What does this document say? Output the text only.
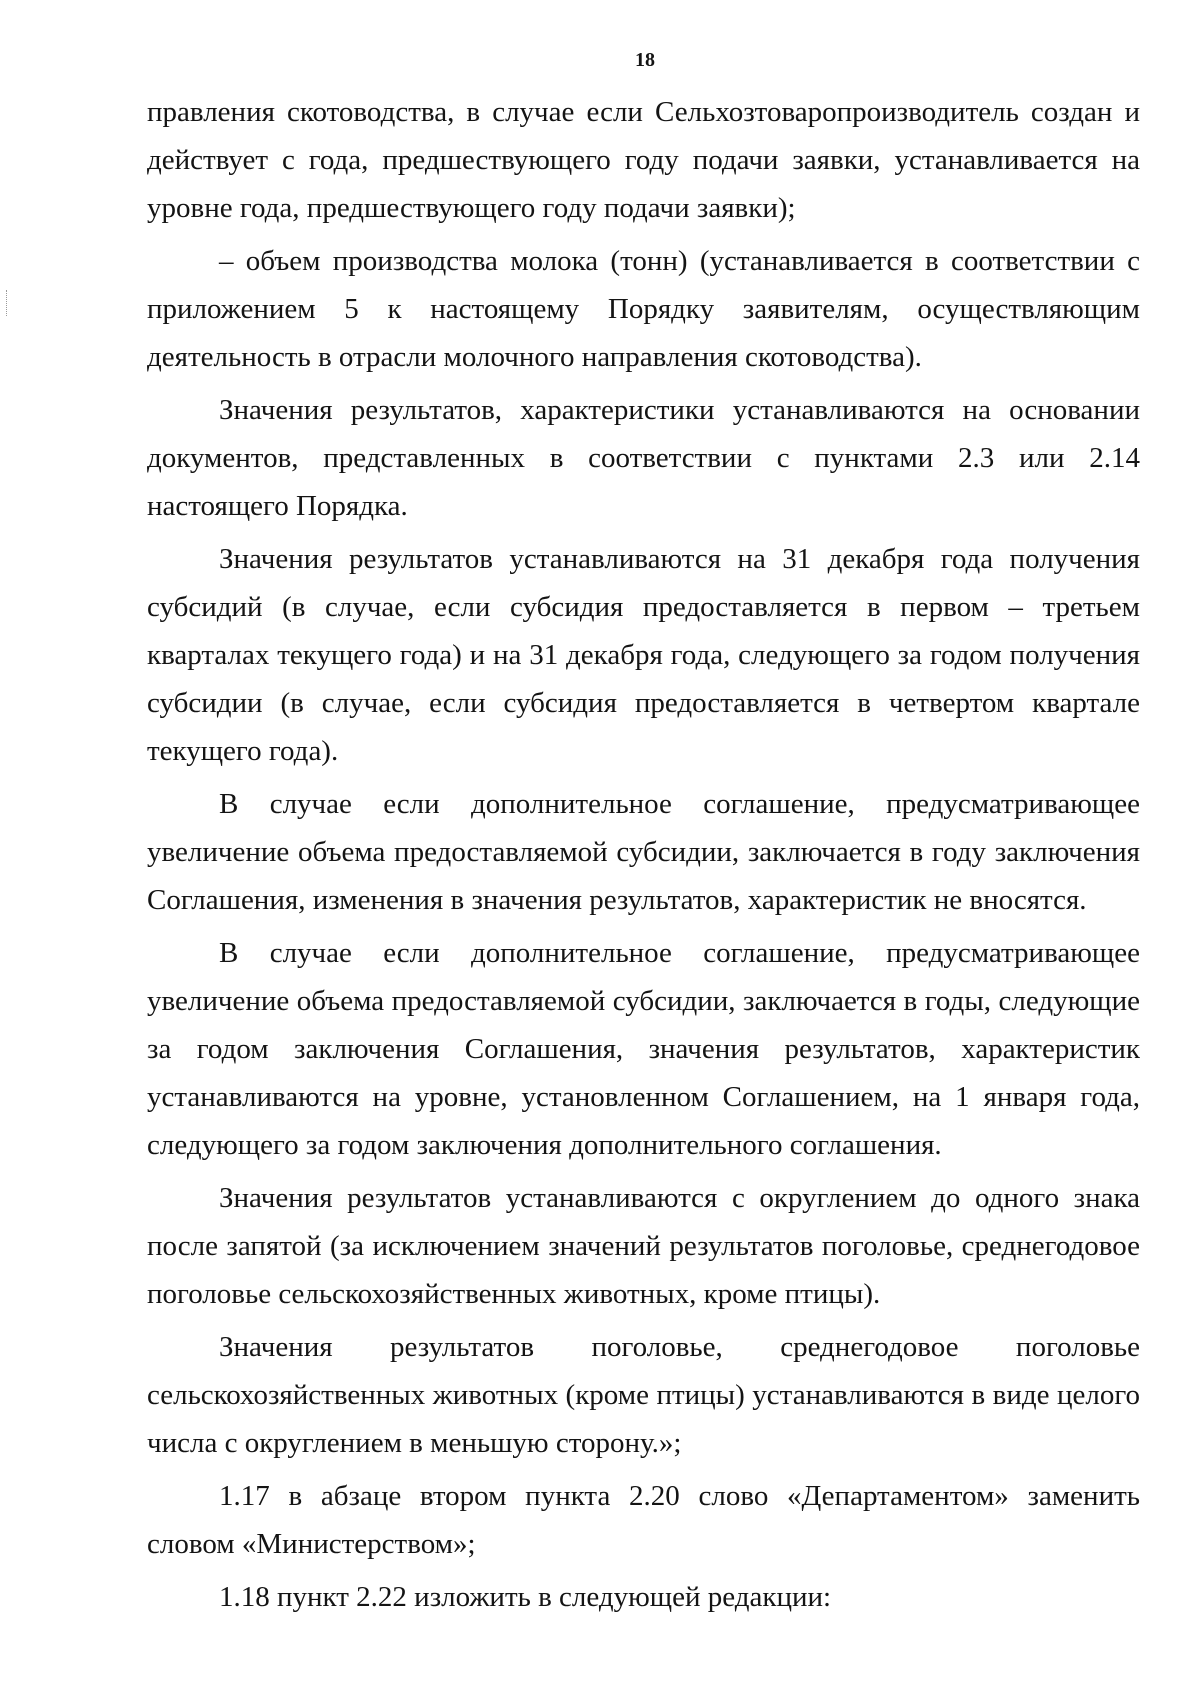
18

правления скотоводства, в случае если Сельхозтоваропроизводитель создан и действует с года, предшествующего году подачи заявки, устанавливается на уровне года, предшествующего году подачи заявки);

– объем производства молока (тонн) (устанавливается в соответствии с приложением 5 к настоящему Порядку заявителям, осуществляющим деятельность в отрасли молочного направления скотоводства).

Значения результатов, характеристики устанавливаются на основании документов, представленных в соответствии с пунктами 2.3 или 2.14 настоящего Порядка.

Значения результатов устанавливаются на 31 декабря года получения субсидий (в случае, если субсидия предоставляется в первом – третьем кварталах текущего года) и на 31 декабря года, следующего за годом получения субсидии (в случае, если субсидия предоставляется в четвертом квартале текущего года).

В случае если дополнительное соглашение, предусматривающее увеличение объема предоставляемой субсидии, заключается в году заключения Соглашения, изменения в значения результатов, характеристик не вносятся.

В случае если дополнительное соглашение, предусматривающее увеличение объема предоставляемой субсидии, заключается в годы, следующие за годом заключения Соглашения, значения результатов, характеристик устанавливаются на уровне, установленном Соглашением, на 1 января года, следующего за годом заключения дополнительного соглашения.

Значения результатов устанавливаются с округлением до одного знака после запятой (за исключением значений результатов поголовье, среднегодовое поголовье сельскохозяйственных животных, кроме птицы).

Значения результатов поголовье, среднегодовое поголовье сельскохозяйственных животных (кроме птицы) устанавливаются в виде целого числа с округлением в меньшую сторону.»;

1.17 в абзаце втором пункта 2.20 слово «Департаментом» заменить словом «Министерством»;

1.18 пункт 2.22 изложить в следующей редакции:
